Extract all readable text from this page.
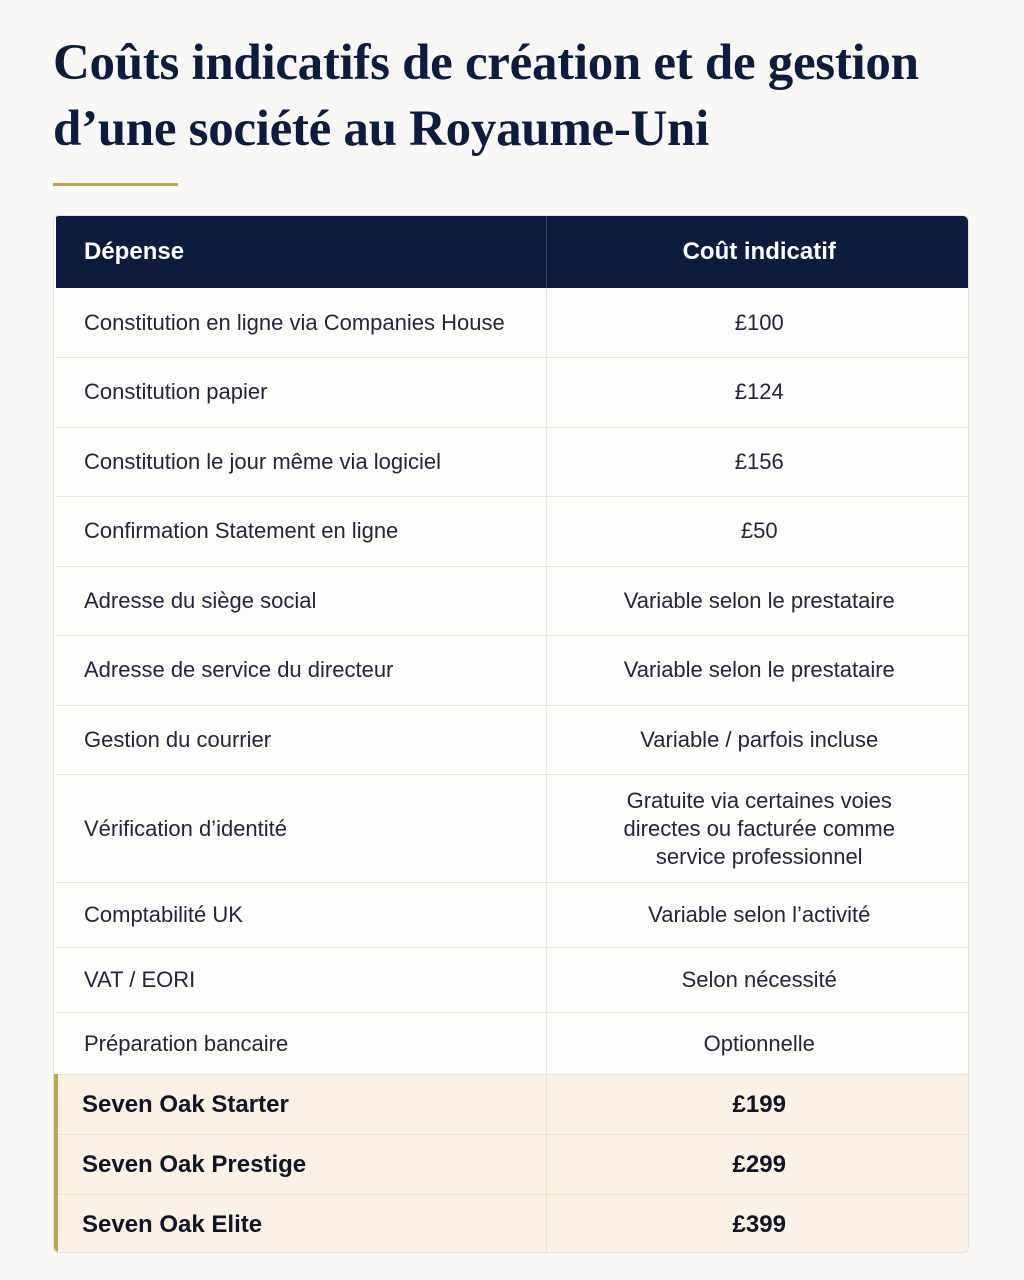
Coûts indicatifs de création et de gestion d’une société au Royaume-Uni
Dépense	Coût indicatif
Constitution en ligne via Companies House	£100
Constitution papier	£124
Constitution le jour même via logiciel	£156
Confirmation Statement en ligne	£50
Adresse du siège social	Variable selon le prestataire
Adresse de service du directeur	Variable selon le prestataire
Gestion du courrier	Variable / parfois incluse
Vérification d’identité	Gratuite via certaines voies directes ou facturée comme service professionnel
Comptabilité UK	Variable selon l’activité
VAT / EORI	Selon nécessité
Préparation bancaire	Optionnelle
Seven Oak Starter	£199
Seven Oak Prestige	£299
Seven Oak Elite	£399
